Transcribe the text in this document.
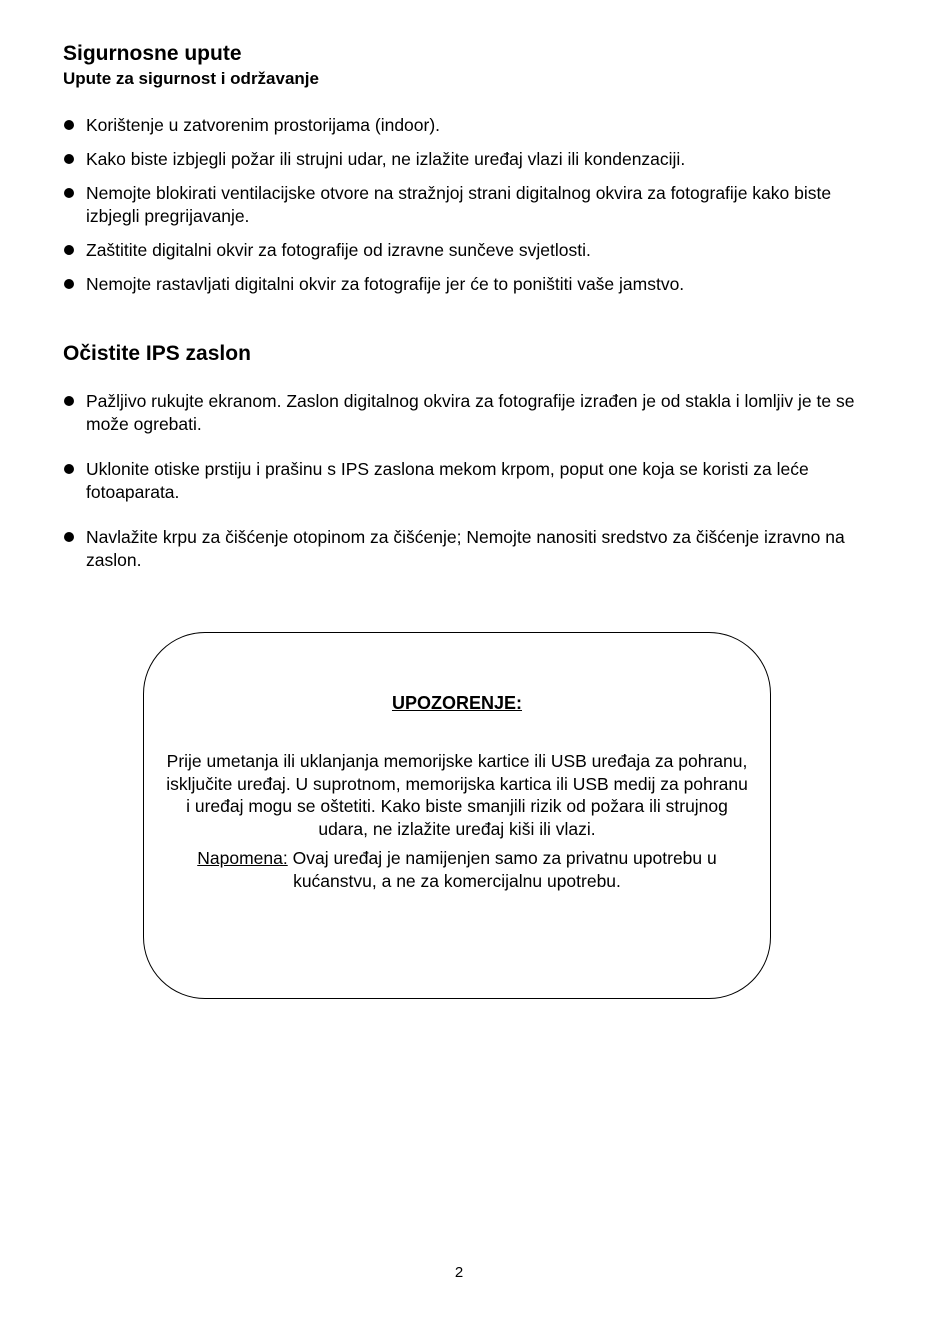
Sigurnosne upute
Upute za sigurnost i održavanje
Korištenje u zatvorenim prostorijama (indoor).
Kako biste izbjegli požar ili strujni udar, ne izlažite uređaj vlazi ili kondenzaciji.
Nemojte blokirati ventilacijske otvore na stražnjoj strani digitalnog okvira za fotografije kako biste izbjegli pregrijavanje.
Zaštitite digitalni okvir za fotografije od izravne sunčeve svjetlosti.
Nemojte rastavljati digitalni okvir za fotografije jer će to poništiti vaše jamstvo.
Očistite IPS zaslon
Pažljivo rukujte ekranom. Zaslon digitalnog okvira za fotografije izrađen je od stakla i lomljiv je te se može ogrebati.
Uklonite otiske prstiju i prašinu s IPS zaslona mekom krpom, poput one koja se koristi za leće fotoaparata.
Navlažite krpu za čišćenje otopinom za čišćenje; Nemojte nanositi sredstvo za čišćenje izravno na zaslon.

UPOZORENJE:

Prije umetanja ili uklanjanja memorijske kartice ili USB uređaja za pohranu, isključite uređaj. U suprotnom, memorijska kartica ili USB medij za pohranu i uređaj mogu se oštetiti. Kako biste smanjili rizik od požara ili strujnog udara, ne izlažite uređaj kiši ili vlazi.

Napomena: Ovaj uređaj je namijenjen samo za privatnu upotrebu u kućanstvu, a ne za komercijalnu upotrebu.

2
